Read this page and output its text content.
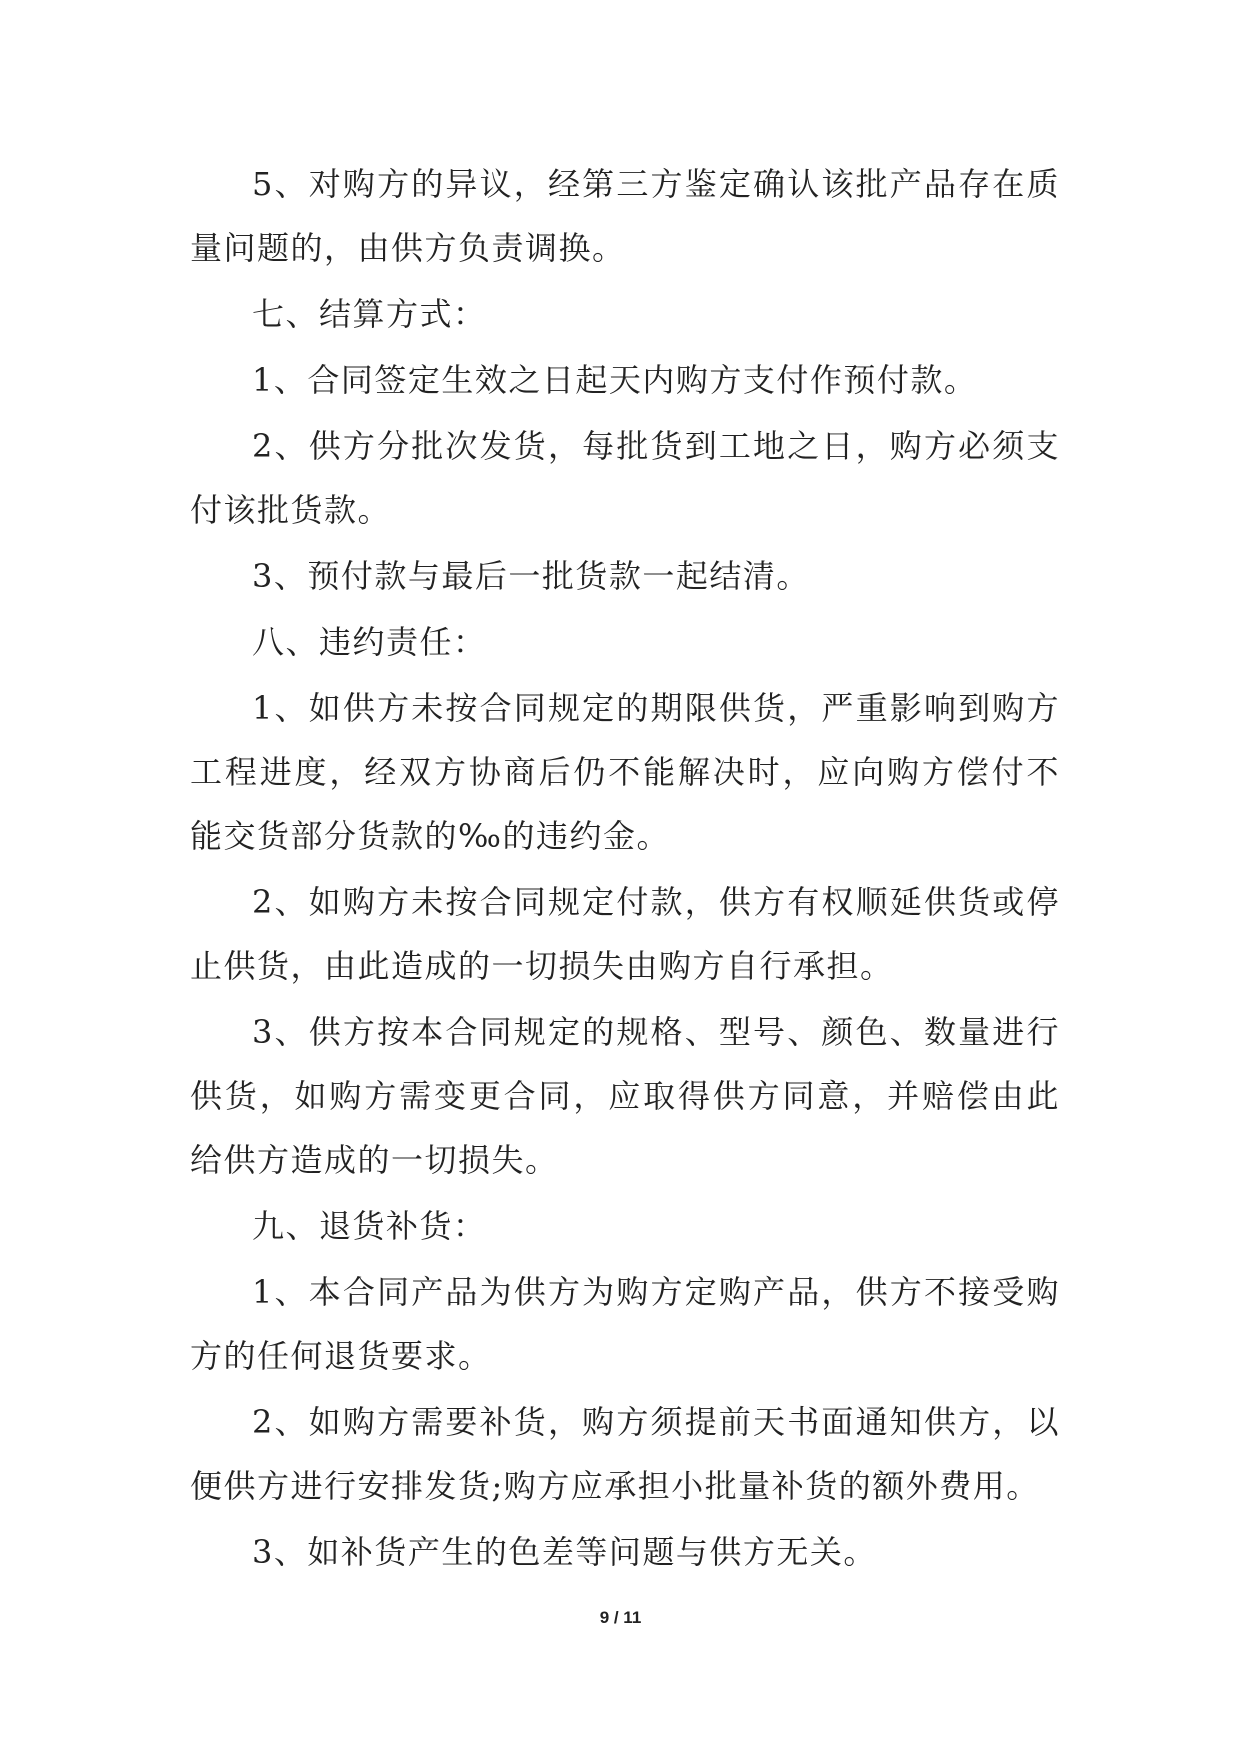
5、对购方的异议，经第三方鉴定确认该批产品存在质量问题的，由供方负责调换。

七、结算方式：

1、合同签定生效之日起天内购方支付作预付款。

2、供方分批次发货，每批货到工地之日，购方必须支付该批货款。

3、预付款与最后一批货款一起结清。

八、违约责任：

1、如供方未按合同规定的期限供货，严重影响到购方工程进度，经双方协商后仍不能解决时，应向购方偿付不能交货部分货款的‰的违约金。

2、如购方未按合同规定付款，供方有权顺延供货或停止供货，由此造成的一切损失由购方自行承担。

3、供方按本合同规定的规格、型号、颜色、数量进行供货，如购方需变更合同，应取得供方同意，并赔偿由此给供方造成的一切损失。

九、退货补货：

1、本合同产品为供方为购方定购产品，供方不接受购方的任何退货要求。

2、如购方需要补货，购方须提前天书面通知供方，以便供方进行安排发货;购方应承担小批量补货的额外费用。

3、如补货产生的色差等问题与供方无关。

9 / 11
